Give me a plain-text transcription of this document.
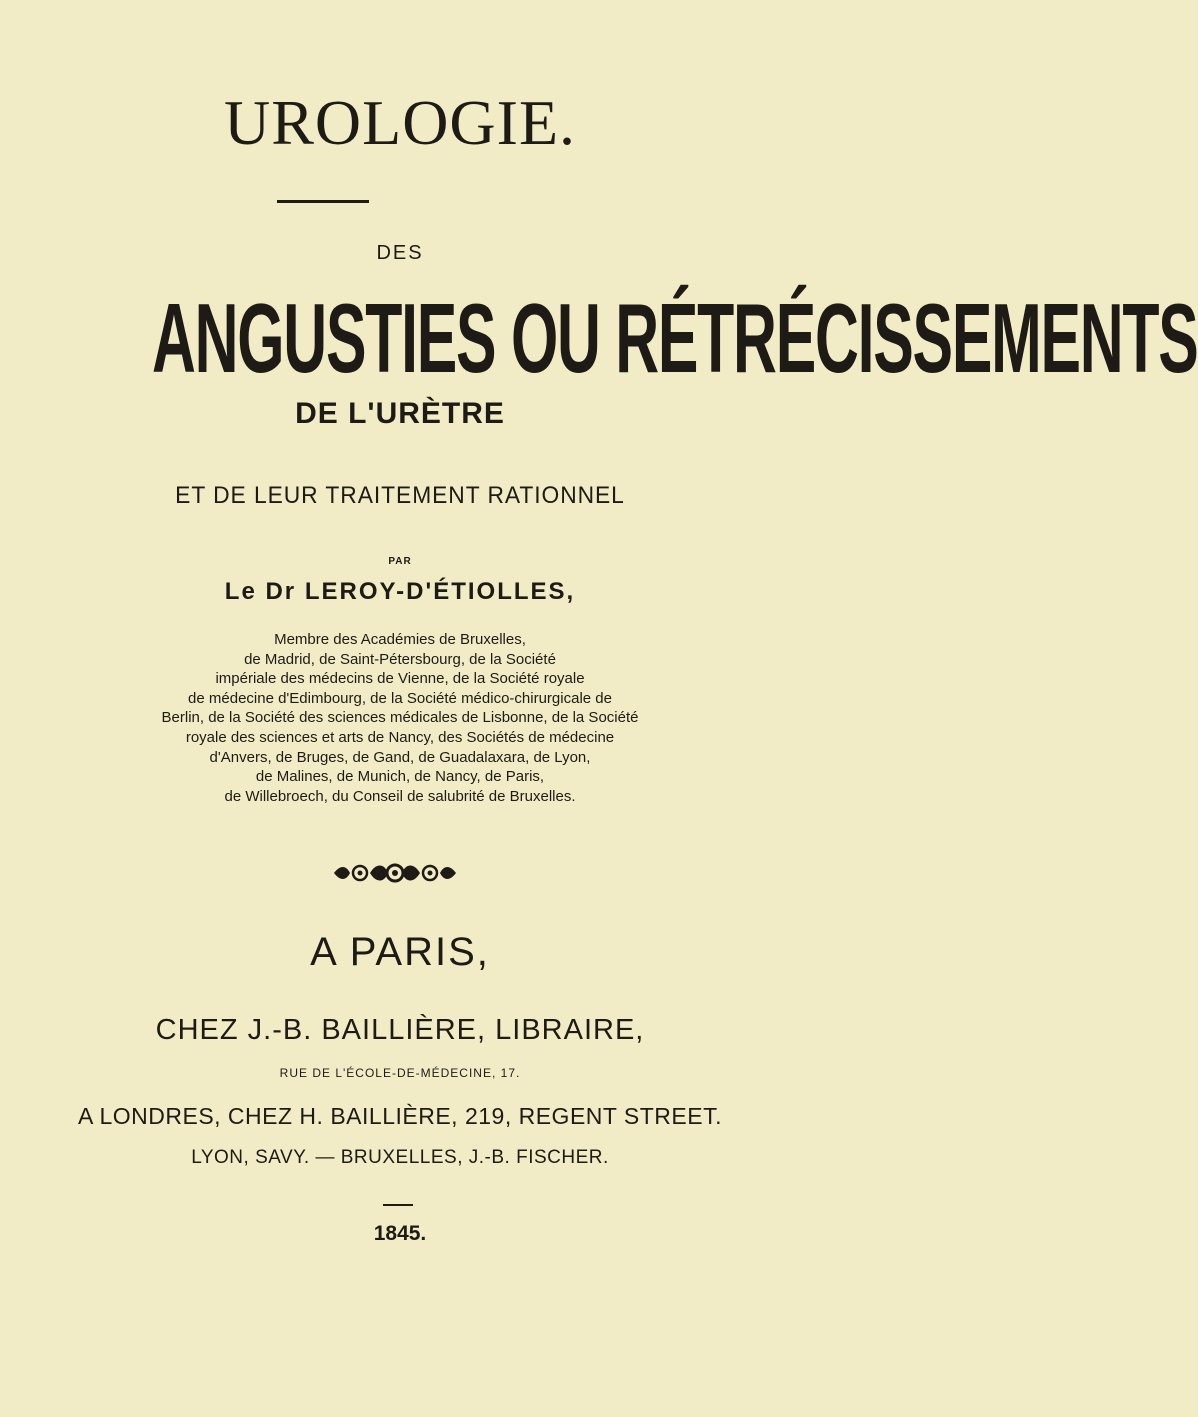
UROLOGIE.
DES
ANGUSTIES OU RÉTRÉCISSEMENTS
DE L'URÈTRE
ET DE LEUR TRAITEMENT RATIONNEL
PAR
Le Dr LEROY-D'ÉTIOLLES,
Membre des Académies de Bruxelles,
de Madrid, de Saint-Pétersbourg, de la Société
impériale des médecins de Vienne, de la Société royale
de médecine d'Edimbourg, de la Société médico-chirurgicale de
Berlin, de la Société des sciences médicales de Lisbonne, de la Société
royale des sciences et arts de Nancy, des Sociétés de médecine
d'Anvers, de Bruges, de Gand, de Guadalaxara, de Lyon,
de Malines, de Munich, de Nancy, de Paris,
de Willebroech, du Conseil de salubrité de Bruxelles.
A PARIS,
CHEZ J.-B. BAILLIÈRE, LIBRAIRE,
RUE DE L'ÉCOLE-DE-MÉDECINE, 17.
A LONDRES, CHEZ H. BAILLIÈRE, 219, REGENT STREET.
LYON, SAVY. — BRUXELLES, J.-B. FISCHER.
1845.
